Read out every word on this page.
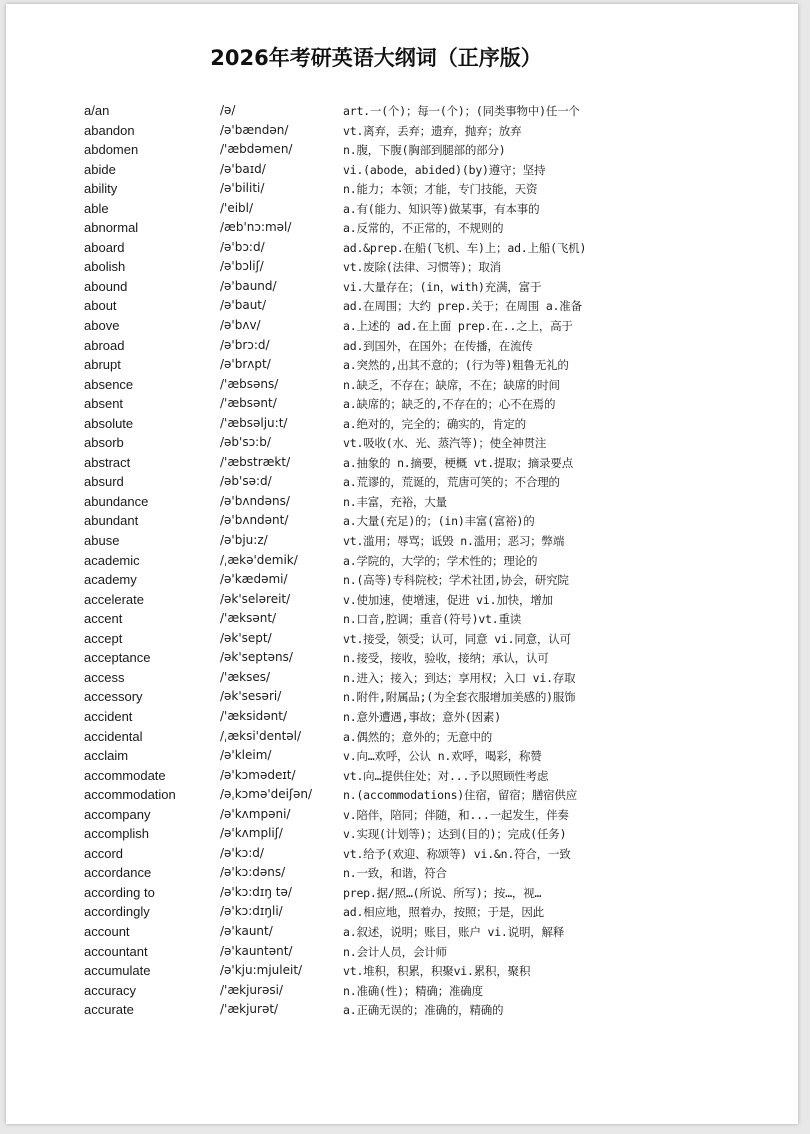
2026年考研英语大纲词（正序版）
a/an	/ə/	art.一(个)；每一(个)；(同类事物中)任一个
abandon	/ə'bændən/	vt.离弃，丢弃；遗弃，抛弃；放弃
abdomen	/'æbdəmen/	n.腹，下腹(胸部到腿部的部分)
abide	/ə'baɪd/	vi.(abode，abided)(by)遵守；坚持
ability	/ə'biliti/	n.能力；本领；才能，专门技能，天资
able	/'eibl/	a.有(能力、知识等)做某事，有本事的
abnormal	/æb'nɔ:məl/	a.反常的，不正常的，不规则的
aboard	/ə'bɔ:d/	ad.&prep.在船(飞机、车)上；ad.上船(飞机)
abolish	/ə'bɔliʃ/	vt.废除(法律、习惯等)；取消
abound	/ə'baund/	vi.大量存在；(in，with)充满，富于
about	/ə'baut/	ad.在周围；大约 prep.关于；在周围 a.准备
above	/ə'bʌv/	a.上述的 ad.在上面 prep.在..之上，高于
abroad	/ə'brɔ:d/	ad.到国外，在国外；在传播，在流传
abrupt	/ə'brʌpt/	a.突然的,出其不意的；(行为等)粗鲁无礼的
absence	/'æbsəns/	n.缺乏，不存在；缺席，不在；缺席的时间
absent	/'æbsənt/	a.缺席的；缺乏的,不存在的；心不在焉的
absolute	/'æbsəlju:t/	a.绝对的，完全的；确实的，肯定的
absorb	/əb'sɔ:b/	vt.吸收(水、光、蒸汽等)；使全神贯注
abstract	/'æbstrækt/	a.抽象的 n.摘要，梗概 vt.提取；摘录要点
absurd	/əb'sə:d/	a.荒谬的，荒诞的，荒唐可笑的；不合理的
abundance	/ə'bʌndəns/	n.丰富，充裕，大量
abundant	/ə'bʌndənt/	a.大量(充足)的；(in)丰富(富裕)的
abuse	/ə'bju:z/	vt.滥用；辱骂；诋毁 n.滥用；恶习；弊端
academic	/ˌækə'demik/	a.学院的，大学的；学术性的；理论的
academy	/ə'kædəmi/	n.(高等)专科院校；学术社团,协会，研究院
accelerate	/ək'seləreit/	v.使加速，使增速，促进 vi.加快，增加
accent	/'æksənt/	n.口音,腔调；重音(符号)vt.重读
accept	/ək'sept/	vt.接受，领受；认可，同意 vi.同意，认可
acceptance	/ək'septəns/	n.接受，接收，验收，接纳；承认，认可
access	/'ækses/	n.进入；接入；到达；享用权；入口 vi.存取
accessory	/ək'sesəri/	n.附件,附属品;(为全套衣服增加美感的)服饰
accident	/'æksidənt/	n.意外遭遇,事故；意外(因素)
accidental	/ˌæksi'dentəl/	a.偶然的；意外的；无意中的
acclaim	/ə'kleim/	v.向…欢呼，公认 n.欢呼，喝彩，称赞
accommodate	/ə'kɔmədeɪt/	vt.向…提供住处；对...予以照顾性考虑
accommodation	/əˌkɔmə'deiʃən/	n.(accommodations)住宿，留宿；膳宿供应
accompany	/ə'kʌmpəni/	v.陪伴，陪同；伴随，和...一起发生，伴奏
accomplish	/ə'kʌmpliʃ/	v.实现(计划等)；达到(目的)；完成(任务)
accord	/ə'kɔ:d/	vt.给予(欢迎、称颂等) vi.&n.符合，一致
accordance	/ə'kɔ:dəns/	n.一致，和谐，符合
according to	/ə'kɔ:dɪŋ tə/	prep.据/照…(所说、所写)；按…，视…
accordingly	/ə'kɔ:dɪŋli/	ad.相应地，照着办，按照；于是，因此
account	/ə'kaunt/	a.叙述，说明；账目，账户 vi.说明，解释
accountant	/ə'kauntənt/	n.会计人员，会计师
accumulate	/ə'kju:mjuleit/	vt.堆积，积累，积聚vi.累积，聚积
accuracy	/'ækjurəsi/	n.准确(性)；精确；准确度
accurate	/'ækjurət/	a.正确无误的；准确的，精确的
